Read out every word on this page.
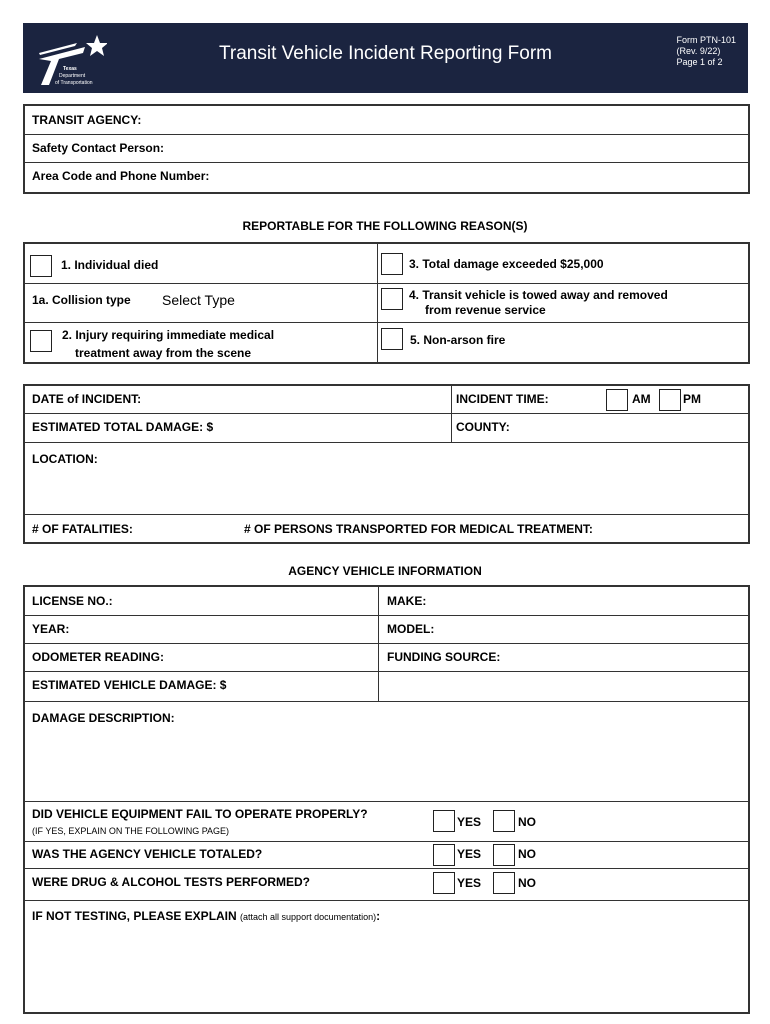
Texas
Department
of Transportation
Transit Vehicle Incident Reporting Form
Form PTN-101
(Rev. 9/22)
Page 1 of 2
TRANSIT AGENCY:
Safety Contact Person:
Area Code and Phone Number:
REPORTABLE FOR THE FOLLOWING REASON(S)
1. Individual died
1a. Collision type Select Type
2. Injury requiring immediate medical
treatment away from the scene
3. Total damage exceeded $25,000
4. Transit vehicle is towed away and removed
from revenue service
5. Non-arson fire
DATE of INCIDENT:	INCIDENT TIME:	AM	PM
ESTIMATED TOTAL DAMAGE: $	COUNTY:
LOCATION:
# OF FATALITIES:	# OF PERSONS TRANSPORTED FOR MEDICAL TREATMENT:
AGENCY VEHICLE INFORMATION
LICENSE NO.:	MAKE:
YEAR:	MODEL:
ODOMETER READING:	FUNDING SOURCE:
ESTIMATED VEHICLE DAMAGE: $
DAMAGE DESCRIPTION:
DID VEHICLE EQUIPMENT FAIL TO OPERATE PROPERLY?
(IF YES, EXPLAIN ON THE FOLLOWING PAGE)
YES	NO
WAS THE AGENCY VEHICLE TOTALED?	YES	NO
WERE DRUG & ALCOHOL TESTS PERFORMED?	YES	NO
IF NOT TESTING, PLEASE EXPLAIN (attach all support documentation):
